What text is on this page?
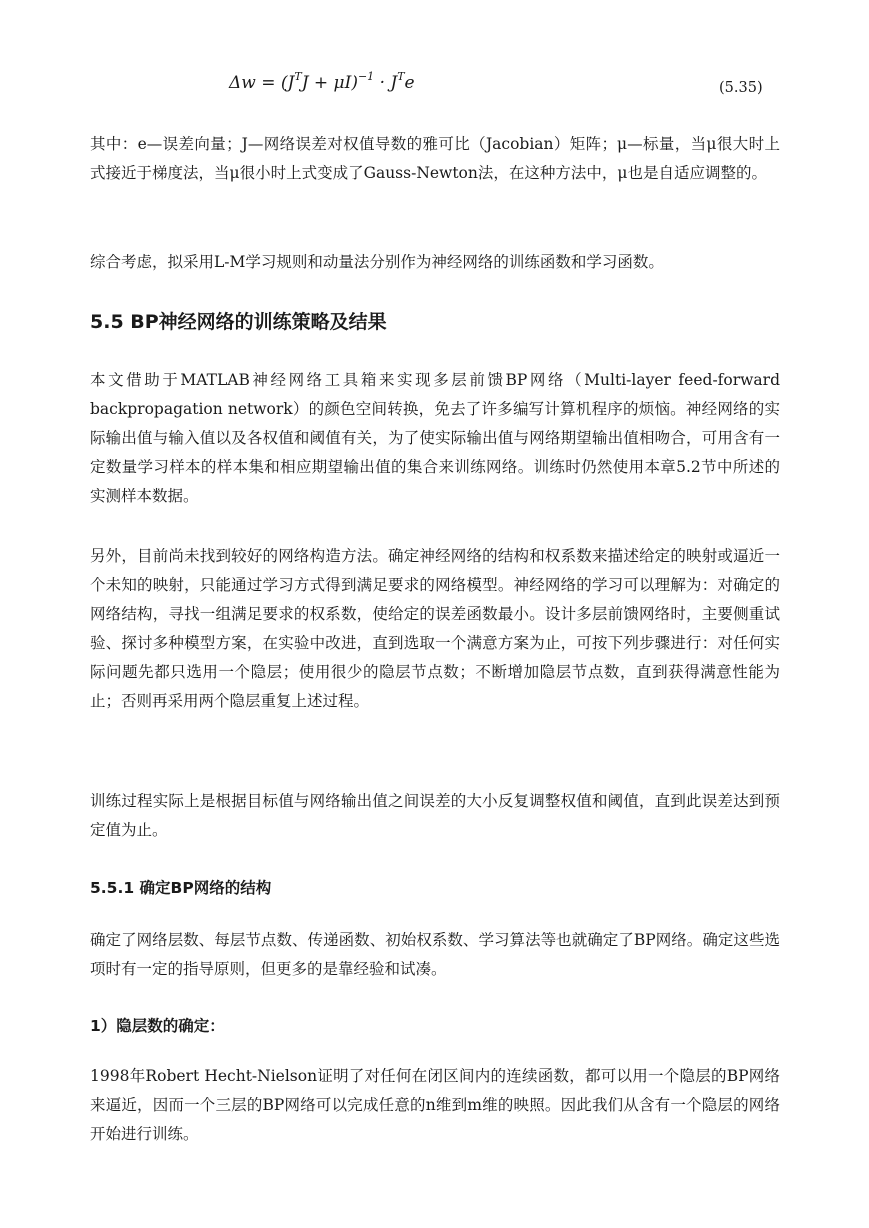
$\Delta w = (J^TJ + \mu I)^{-1} \cdot J^Te$	(5.35)

其中：e—误差向量；J—网络误差对权值导数的雅可比（Jacobian）矩阵；μ—标量，当μ很大时上式接近于梯度法，当μ很小时上式变成了Gauss-Newton法，在这种方法中，μ也是自适应调整的。

综合考虑，拟采用L-M学习规则和动量法分别作为神经网络的训练函数和学习函数。

5.5 BP神经网络的训练策略及结果

本文借助于MATLAB神经网络工具箱来实现多层前馈BP网络（Multi-layer feed-forward backpropagation network）的颜色空间转换，免去了许多编写计算机程序的烦恼。神经网络的实际输出值与输入值以及各权值和阈值有关，为了使实际输出值与网络期望输出值相吻合，可用含有一定数量学习样本的样本集和相应期望输出值的集合来训练网络。训练时仍然使用本章5.2节中所述的实测样本数据。

另外，目前尚未找到较好的网络构造方法。确定神经网络的结构和权系数来描述给定的映射或逼近一个未知的映射，只能通过学习方式得到满足要求的网络模型。神经网络的学习可以理解为：对确定的网络结构，寻找一组满足要求的权系数，使给定的误差函数最小。设计多层前馈网络时，主要侧重试验、探讨多种模型方案，在实验中改进，直到选取一个满意方案为止，可按下列步骤进行：对任何实际问题先都只选用一个隐层；使用很少的隐层节点数；不断增加隐层节点数，直到获得满意性能为止；否则再采用两个隐层重复上述过程。

训练过程实际上是根据目标值与网络输出值之间误差的大小反复调整权值和阈值，直到此误差达到预定值为止。

5.5.1 确定BP网络的结构

确定了网络层数、每层节点数、传递函数、初始权系数、学习算法等也就确定了BP网络。确定这些选项时有一定的指导原则，但更多的是靠经验和试凑。

1）隐层数的确定：

1998年Robert Hecht-Nielson证明了对任何在闭区间内的连续函数，都可以用一个隐层的BP网络来逼近，因而一个三层的BP网络可以完成任意的n维到m维的映照。因此我们从含有一个隐层的网络开始进行训练。
